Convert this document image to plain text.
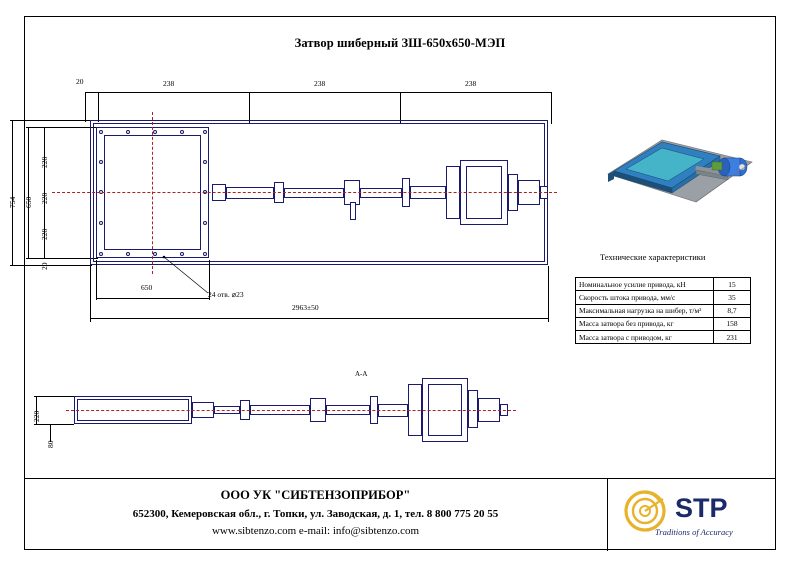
Затвор шиберный ЗШ-650х650-МЭП
20	238	238	238
754 650
228
228
228
20
650
2963±50
24 отв. ⌀23
Технические характеристики
Номинальное усилие привода, кН	15
Скорость штока привода, мм/с	35
Максимальная нагрузка на шибер, т/м²	8,7
Масса затвора без привода, кг	158
Масса затвора с приводом, кг	231
А-А
220
80
ООО УК "СИБТЕНЗОПРИБОР"
652300, Кемеровская обл., г. Топки, ул. Заводская, д. 1, тел. 8 800 775 20 55
www.sibtenzo.com e-mail: info@sibtenzo.com
STP
Traditions of Accuracy
